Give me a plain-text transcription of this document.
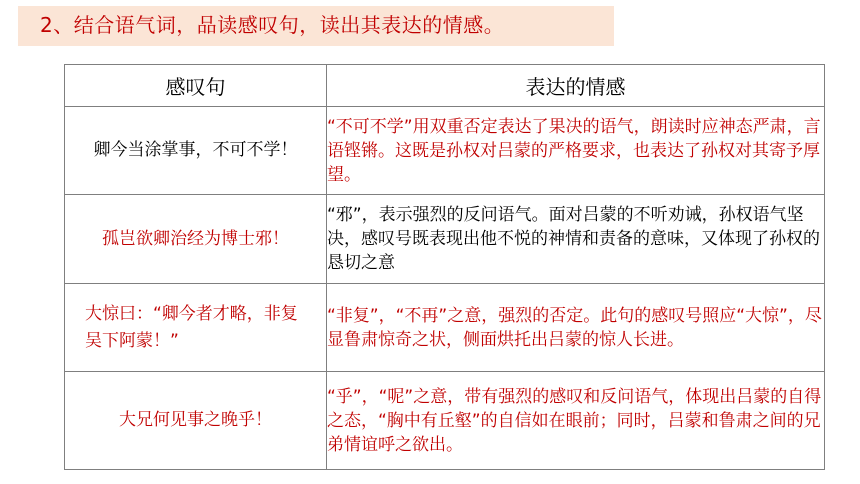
2、结合语气词，品读感叹句，读出其表达的情感。
感叹句	表达的情感
卿今当涂掌事，不可不学！	“不可不学”用双重否定表达了果决的语气，朗读时应神态严肃，言语铿锵。这既是孙权对吕蒙的严格要求，也表达了孙权对其寄予厚望。
孤岂欲卿治经为博士邪！	“邪”，表示强烈的反问语气。面对吕蒙的不听劝诫，孙权语气坚决，感叹号既表现出他不悦的神情和责备的意味，又体现了孙权的恳切之意
大惊曰：“卿今者才略，非复吴下阿蒙！”	“非复”，“不再”之意，强烈的否定。此句的感叹号照应“大惊”，尽显鲁肃惊奇之状，侧面烘托出吕蒙的惊人长进。
大兄何见事之晚乎！	“乎”，“呢”之意，带有强烈的感叹和反问语气，体现出吕蒙的自得之态，“胸中有丘壑”的自信如在眼前；同时，吕蒙和鲁肃之间的兄弟情谊呼之欲出。
